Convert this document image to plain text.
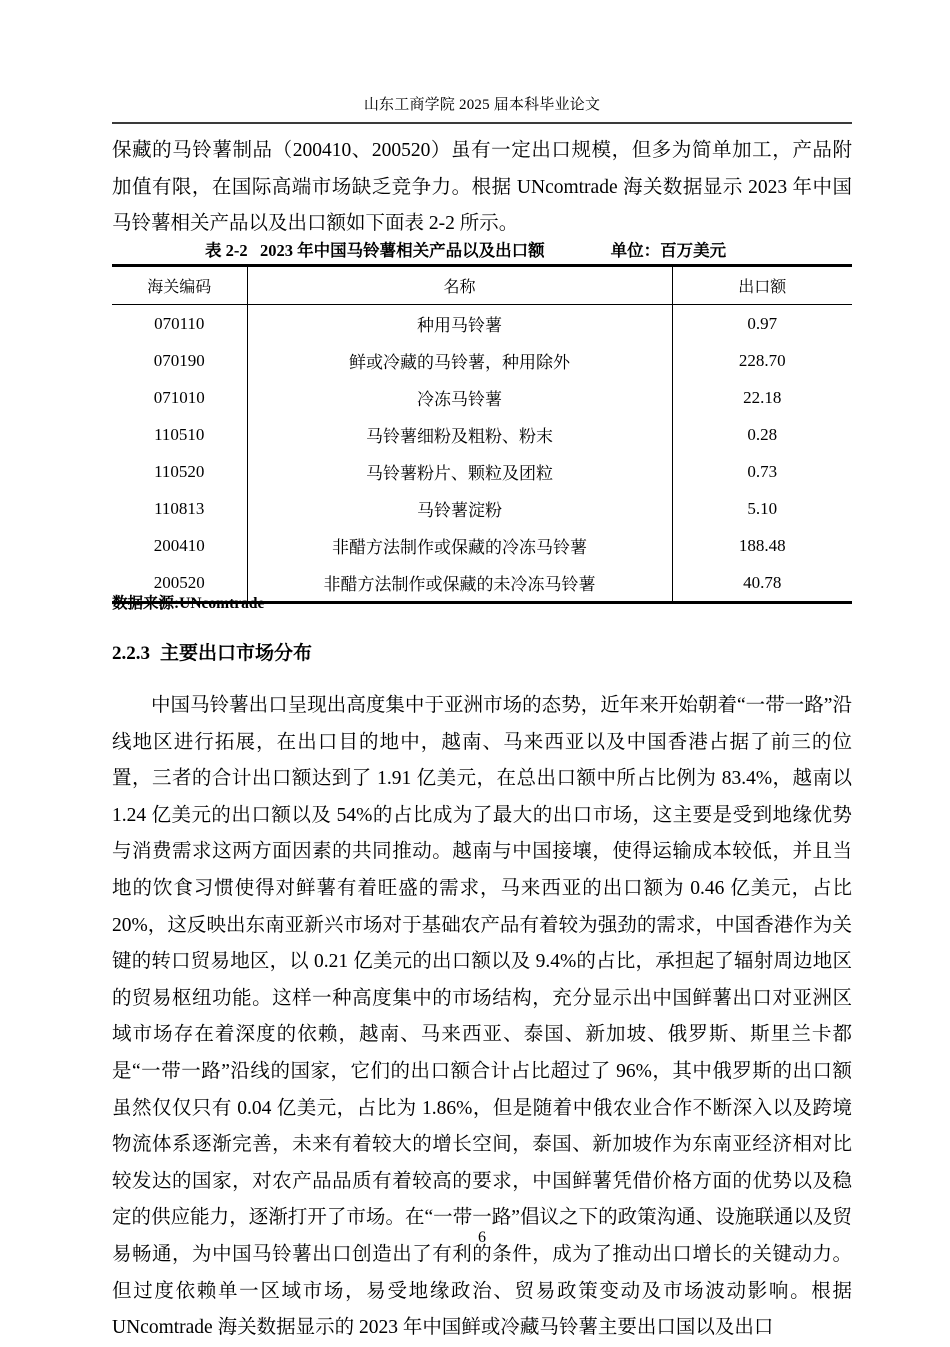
山东工商学院 2025 届本科毕业论文
保藏的马铃薯制品（200410、200520）虽有一定出口规模，但多为简单加工，产品附加值有限，在国际高端市场缺乏竞争力。根据 UNcomtrade 海关数据显示 2023 年中国马铃薯相关产品以及出口额如下面表 2-2 所示。
表 2-2 2023 年中国马铃薯相关产品以及出口额	单位：百万美元
海关编码	名称	出口额
070110	种用马铃薯	0.97
070190	鲜或冷藏的马铃薯，种用除外	228.70
071010	冷冻马铃薯	22.18
110510	马铃薯细粉及粗粉、粉末	0.28
110520	马铃薯粉片、颗粒及团粒	0.73
110813	马铃薯淀粉	5.10
200410	非醋方法制作或保藏的冷冻马铃薯	188.48
200520	非醋方法制作或保藏的未冷冻马铃薯	40.78
数据来源:UNcomtrade
2.2.3 主要出口市场分布
中国马铃薯出口呈现出高度集中于亚洲市场的态势，近年来开始朝着“一带一路”沿线地区进行拓展，在出口目的地中，越南、马来西亚以及中国香港占据了前三的位置，三者的合计出口额达到了 1.91 亿美元，在总出口额中所占比例为 83.4%，越南以 1.24 亿美元的出口额以及 54%的占比成为了最大的出口市场，这主要是受到地缘优势与消费需求这两方面因素的共同推动。越南与中国接壤，使得运输成本较低，并且当地的饮食习惯使得对鲜薯有着旺盛的需求，马来西亚的出口额为 0.46 亿美元，占比 20%，这反映出东南亚新兴市场对于基础农产品有着较为强劲的需求，中国香港作为关键的转口贸易地区，以 0.21 亿美元的出口额以及 9.4%的占比，承担起了辐射周边地区的贸易枢纽功能。这样一种高度集中的市场结构，充分显示出中国鲜薯出口对亚洲区域市场存在着深度的依赖，越南、马来西亚、泰国、新加坡、俄罗斯、斯里兰卡都是“一带一路”沿线的国家，它们的出口额合计占比超过了 96%，其中俄罗斯的出口额虽然仅仅只有 0.04 亿美元，占比为 1.86%，但是随着中俄农业合作不断深入以及跨境物流体系逐渐完善，未来有着较大的增长空间，泰国、新加坡作为东南亚经济相对比较发达的国家，对农产品品质有着较高的要求，中国鲜薯凭借价格方面的优势以及稳定的供应能力，逐渐打开了市场。在“一带一路”倡议之下的政策沟通、设施联通以及贸易畅通，为中国马铃薯出口创造出了有利的条件，成为了推动出口增长的关键动力。但过度依赖单一区域市场，易受地缘政治、贸易政策变动及市场波动影响。根据 UNcomtrade 海关数据显示的 2023 年中国鲜或冷藏马铃薯主要出口国以及出口
6
